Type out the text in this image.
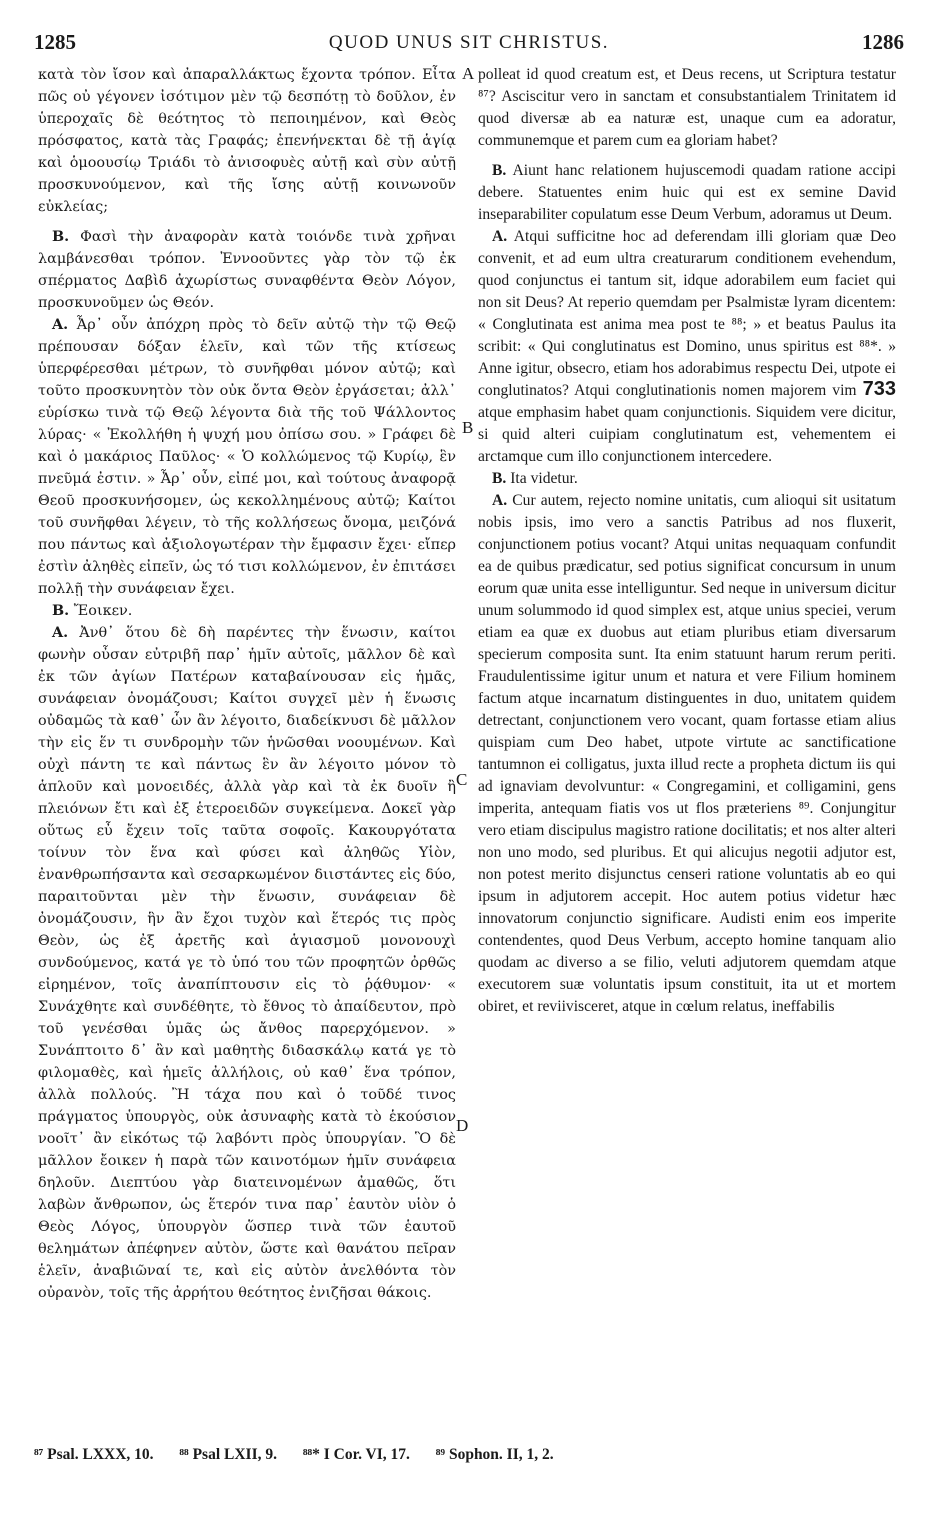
1285	QUOD UNUS SIT CHRISTUS.	1286

κατὰ τὸν ἴσον καὶ ἀπαραλλάκτως ἔχοντα τρόπον. Εἶτα πῶς οὐ γέγονεν ἰσότιμον μὲν τῷ δεσπότῃ τὸ δοῦλον, ἐν ὑπεροχαῖς δὲ θεότητος τὸ πεποιημένον, καὶ Θεὸς πρόσφατος, κατὰ τὰς Γραφάς; ἐπενήνεκται δὲ τῇ ἁγίᾳ καὶ ὁμοουσίῳ Τριάδι τὸ ἀνισοφυὲς αὐτῇ καὶ σὺν αὐτῇ προσκυνούμενον, καὶ τῆς ἴσης αὐτῇ κοινωνοῦν εὐκλείας;

Β. Φασὶ τὴν ἀναφορὰν κατὰ τοιόνδε τινὰ χρῆναι λαμβάνεσθαι τρόπον. Ἐννοοῦντες γὰρ τὸν τῷ ἐκ σπέρματος Δαβὶδ ἀχωρίστως συναφθέντα Θεὸν Λόγον, προσκυνοῦμεν ὡς Θεόν.

Α. Ἆρ᾽ οὖν ἀπόχρη πρὸς τὸ δεῖν αὐτῷ τὴν τῷ Θεῷ πρέπουσαν δόξαν ἑλεῖν, καὶ τῶν τῆς κτίσεως ὑπερφέρεσθαι μέτρων, τὸ συνῆφθαι μόνον αὐτῷ; καὶ τοῦτο προσκυνητὸν τὸν οὐκ ὄντα Θεὸν ἐργάσεται; ἀλλ᾽ εὑρίσκω τινὰ τῷ Θεῷ λέγοντα διὰ τῆς τοῦ Ψάλλοντος λύρας· « Ἐκολλήθη ἡ ψυχή μου ὀπίσω σου. » Γράφει δὲ καὶ ὁ μακάριος Παῦλος· « Ὁ κολλώμενος τῷ Κυρίῳ, ἓν πνεῦμά ἐστιν. » Ἆρ᾽ οὖν, εἰπέ μοι, καὶ τούτους ἀναφορᾷ Θεοῦ προσκυνήσομεν, ὡς κεκολλημένους αὐτῷ; Καίτοι τοῦ συνῆφθαι λέγειν, τὸ τῆς κολλήσεως ὄνομα, μειζόνά που πάντως καὶ ἀξιολογωτέραν τὴν ἔμφασιν ἔχει· εἴπερ ἐστὶν ἀληθὲς εἰπεῖν, ὡς τό τισι κολλώμενον, ἐν ἐπιτάσει πολλῇ τὴν συνάφειαν ἔχει.

Β. Ἔοικεν.

Α. Ἀνθ᾽ ὅτου δὲ δὴ παρέντες τὴν ἕνωσιν, καίτοι φωνὴν οὖσαν εὐτριβῆ παρ᾽ ἡμῖν αὐτοῖς, μᾶλλον δὲ καὶ ἐκ τῶν ἁγίων Πατέρων καταβαίνουσαν εἰς ἡμᾶς, συνάφειαν ὀνομάζουσι; Καίτοι συγχεῖ μὲν ἡ ἕνωσις οὐδαμῶς τὰ καθ᾽ ὧν ἂν λέγοιτο, διαδείκνυσι δὲ μᾶλλον τὴν εἰς ἕν τι συνδρομὴν τῶν ἡνῶσθαι νοουμένων. Καὶ οὐχὶ πάντη τε καὶ πάντως ἓν ἂν λέγοιτο μόνον τὸ ἁπλοῦν καὶ μονοειδές, ἀλλὰ γὰρ καὶ τὰ ἐκ δυοῖν ἢ πλειόνων ἔτι καὶ ἐξ ἑτεροειδῶν συγκείμενα. Δοκεῖ γὰρ οὕτως εὖ ἔχειν τοῖς ταῦτα σοφοῖς. Κακουργότατα τοίνυν τὸν ἕνα καὶ φύσει καὶ ἀληθῶς Υἱὸν, ἐνανθρωπήσαντα καὶ σεσαρκωμένον διιστάντες εἰς δύο, παραιτοῦνται μὲν τὴν ἕνωσιν, συνάφειαν δὲ ὀνομάζουσιν, ἣν ἂν ἔχοι τυχὸν καὶ ἕτερός τις πρὸς Θεὸν, ὡς ἐξ ἀρετῆς καὶ ἁγιασμοῦ μονονουχὶ συνδούμενος, κατά γε τὸ ὑπό του τῶν προφητῶν ὀρθῶς εἰρημένον, τοῖς ἀναπίπτουσιν εἰς τὸ ῥᾴθυμον· « Συνάχθητε καὶ συνδέθητε, τὸ ἔθνος τὸ ἀπαίδευτον, πρὸ τοῦ γενέσθαι ὑμᾶς ὡς ἄνθος παρερχόμενον. » Συνάπτοιτο δ᾽ ἂν καὶ μαθητὴς διδασκάλῳ κατά γε τὸ φιλομαθὲς, καὶ ἡμεῖς ἀλλήλοις, οὐ καθ᾽ ἕνα τρόπον, ἀλλὰ πολλούς. Ἢ τάχα που καὶ ὁ τοῦδέ τινος πράγματος ὑπουργὸς, οὐκ ἀσυναφὴς κατὰ τὸ ἑκούσιον νοοῖτ᾽ ἂν εἰκότως τῷ λαβόντι πρὸς ὑπουργίαν. Ὃ δὲ μᾶλλον ἔοικεν ἡ παρὰ τῶν καινοτόμων ἡμῖν συνάφεια δηλοῦν. Διεπτύου γὰρ διατεινομένων ἀμαθῶς, ὅτι λαβὼν ἄνθρωπον, ὡς ἕτερόν τινα παρ᾽ ἑαυτὸν υἱὸν ὁ Θεὸς Λόγος, ὑπουργὸν ὥσπερ τινὰ τῶν ἑαυτοῦ θελημάτων ἀπέφηνεν αὐτὸν, ὥστε καὶ θανάτου πεῖραν ἑλεῖν, ἀναβιῶναί τε, καὶ εἰς αὐτὸν ἀνελθόντα τὸν οὐρανὸν, τοῖς τῆς ἀρρήτου θεότητος ἐνιζῆσαι θάκοις.

A
B
C
D

polleat id quod creatum est, et Deus recens, ut Scriptura testatur ⁸⁷? Asciscitur vero in sanctam et consubstantialem Trinitatem id quod diversæ ab ea naturæ est, unaque cum ea adoratur, communemque et parem cum ea gloriam habet?

B. Aiunt hanc relationem hujuscemodi quadam ratione accipi debere. Statuentes enim huic qui est ex semine David inseparabiliter copulatum esse Deum Verbum, adoramus ut Deum.

A. Atqui sufficitne hoc ad deferendam illi gloriam quæ Deo convenit, et ad eum ultra creaturarum conditionem evehendum, quod conjunctus ei tantum sit, idque adorabilem eum faciet qui non sit Deus? At reperio quemdam per Psalmistæ lyram dicentem: « Conglutinata est anima mea post te ⁸⁸; » et beatus Paulus ita scribit: « Qui conglutinatus est Domino, unus spiritus est ⁸⁸*. » Anne igitur, obsecro, etiam hos adorabimus respectu Dei, utpote ei conglutinatos? Atqui conglutinationis nomen majorem vim 733 atque emphasim habet quam conjunctionis. Siquidem vere dicitur, si quid alteri cuipiam conglutinatum est, vehementem ei arctamque cum illo conjunctionem intercedere.

B. Ita videtur.

A. Cur autem, rejecto nomine unitatis, cum alioqui sit usitatum nobis ipsis, imo vero a sanctis Patribus ad nos fluxerit, conjunctionem potius vocant? Atqui unitas nequaquam confundit ea de quibus prædicatur, sed potius significat concursum in unum eorum quæ unita esse intelliguntur. Sed neque in universum dicitur unum solummodo id quod simplex est, atque unius speciei, verum etiam ea quæ ex duobus aut etiam pluribus etiam diversarum specierum composita sunt. Ita enim statuunt harum rerum periti. Fraudulentissime igitur unum et natura et vere Filium hominem factum atque incarnatum distinguentes in duo, unitatem quidem detrectant, conjunctionem vero vocant, quam fortasse etiam alius quispiam cum Deo habet, utpote virtute ac sanctificatione tantumnon ei colligatus, juxta illud recte a propheta dictum iis qui ad ignaviam devolvuntur: « Congregamini, et colligamini, gens imperita, antequam fiatis vos ut flos præteriens ⁸⁹. Conjungitur vero etiam discipulus magistro ratione docilitatis; et nos alter alteri non uno modo, sed pluribus. Et qui alicujus negotii adjutor est, non potest merito disjunctus censeri ratione voluntatis ab eo qui ipsum in adjutorem accepit. Hoc autem potius videtur hæc innovatorum conjunctio significare. Audisti enim eos imperite contendentes, quod Deus Verbum, accepto homine tanquam alio quodam ac diverso a se filio, veluti adjutorem quemdam atque executorem suæ voluntatis ipsum constituit, ita ut et mortem obiret, et reviivisceret, atque in cœlum relatus, ineffabilis

⁸⁷ Psal. LXXX, 10. ⁸⁸ Psal LXII, 9. ⁸⁸* I Cor. VI, 17. ⁸⁹ Sophon. II, 1, 2.
